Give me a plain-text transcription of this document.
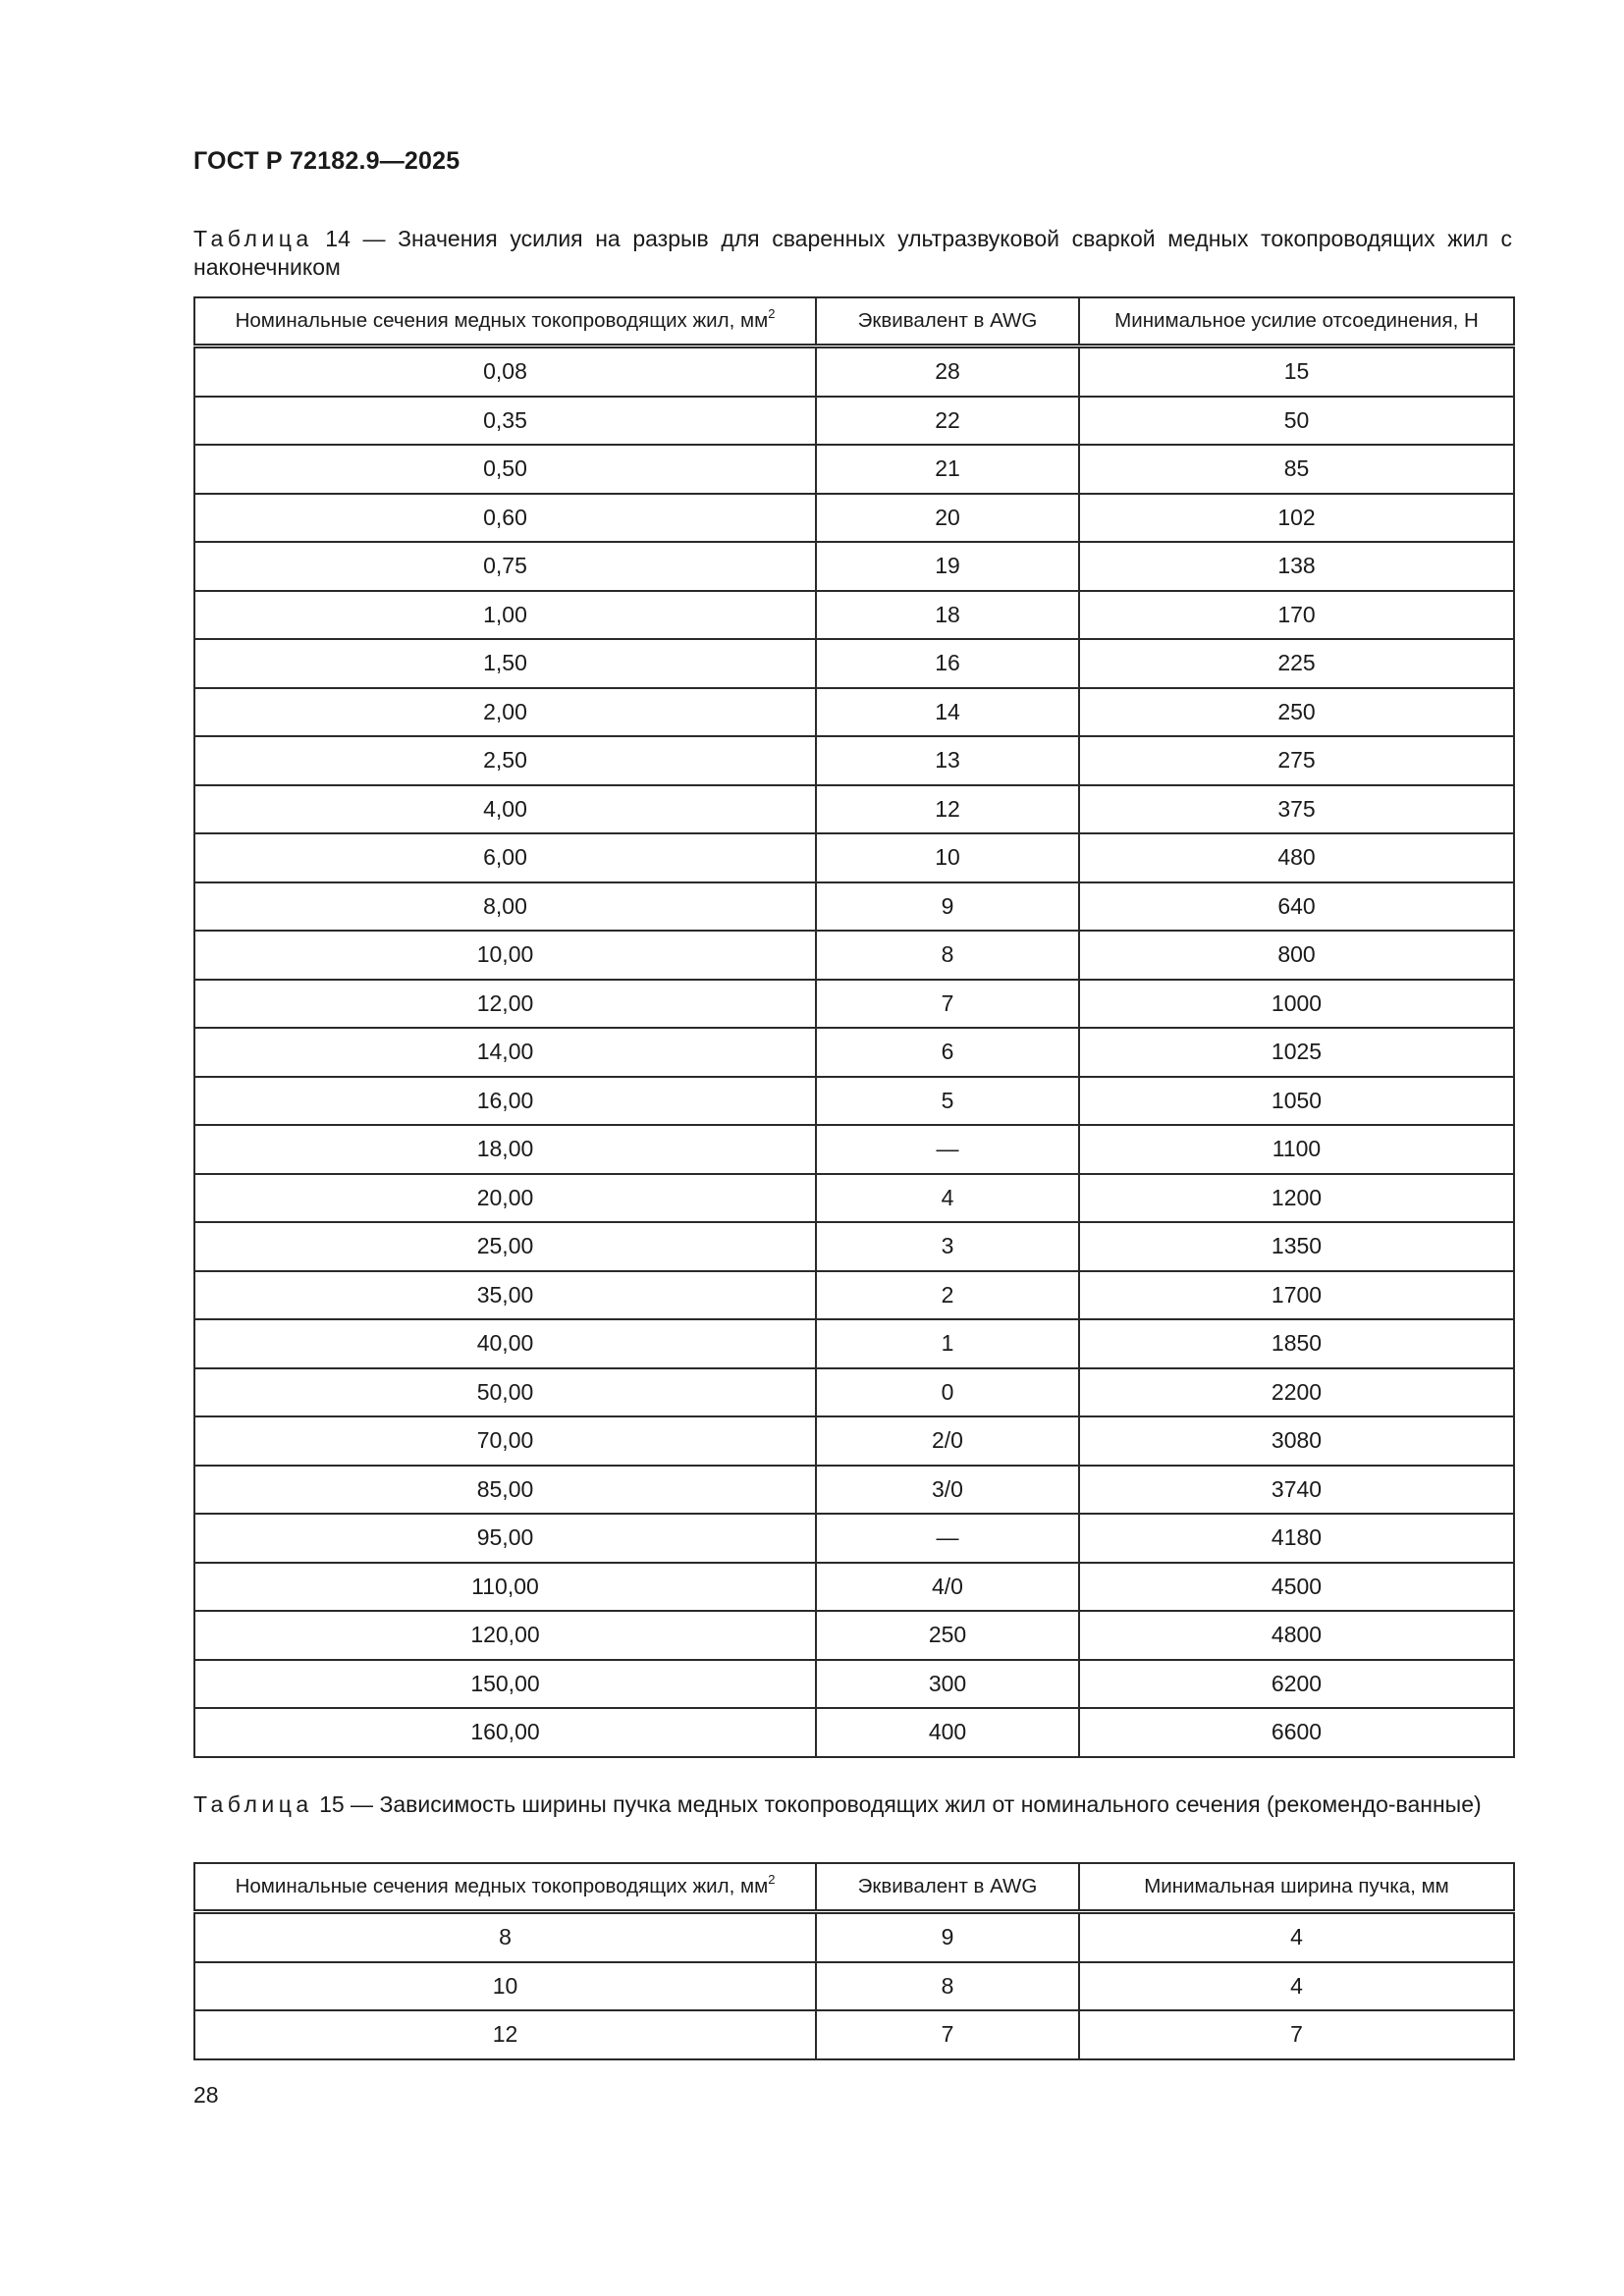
ГОСТ Р 72182.9—2025
Таблица 14 — Значения усилия на разрыв для сваренных ультразвуковой сваркой медных токопроводящих жил с наконечником
Номинальные сечения медных токопроводящих жил, $мм^2$	Эквивалент в AWG	Минимальное усилие отсоединения, Н
0,08	28	15
0,35	22	50
0,50	21	85
0,60	20	102
0,75	19	138
1,00	18	170
1,50	16	225
2,00	14	250
2,50	13	275
4,00	12	375
6,00	10	480
8,00	9	640
10,00	8	800
12,00	7	1000
14,00	6	1025
16,00	5	1050
18,00	—	1100
20,00	4	1200
25,00	3	1350
35,00	2	1700
40,00	1	1850
50,00	0	2200
70,00	2/0	3080
85,00	3/0	3740
95,00	—	4180
110,00	4/0	4500
120,00	250	4800
150,00	300	6200
160,00	400	6600
Таблица 15 — Зависимость ширины пучка медных токопроводящих жил от номинального сечения (рекомендо-ванные)
Номинальные сечения медных токопроводящих жил, $мм^2$	Эквивалент в AWG	Минимальная ширина пучка, мм
8	9	4
10	8	4
12	7	7
28
